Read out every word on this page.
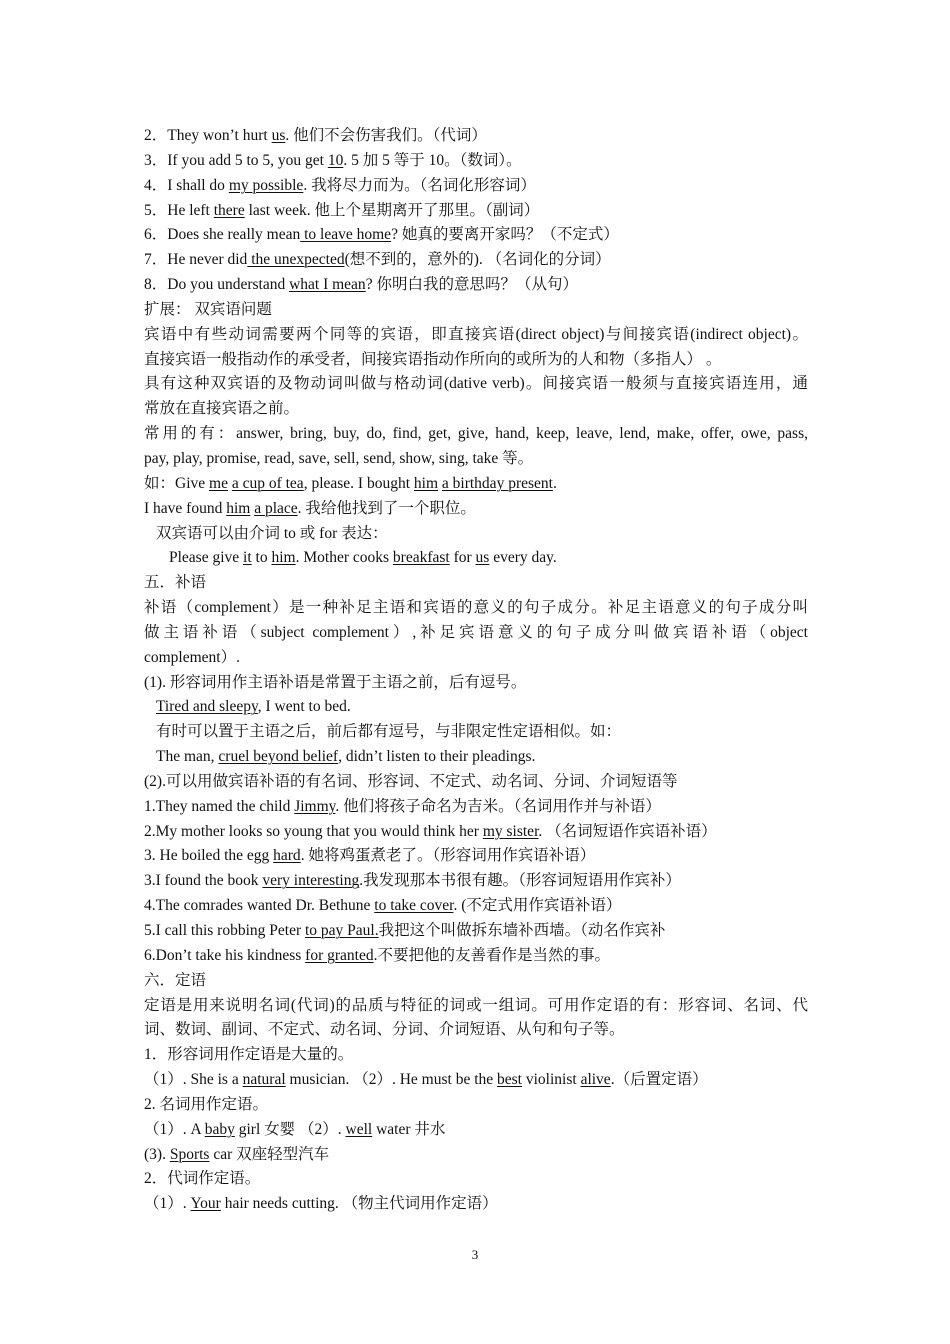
2．They won’t hurt us. 他们不会伤害我们。（代词）
3．If you add 5 to 5, you get 10. 5 加 5 等于 10。（数词）。
4．I shall do my possible. 我将尽力而为。（名词化形容词）
5．He left there last week. 他上个星期离开了那里。（副词）
6．Does she really mean to leave home? 她真的要离开家吗？（不定式）
7．He never did the unexpected(想不到的，意外的). （名词化的分词）
8．Do you understand what I mean? 你明白我的意思吗？（从句）
扩展： 双宾语问题
宾语中有些动词需要两个同等的宾语，即直接宾语(direct object)与间接宾语(indirect object)。
直接宾语一般指动作的承受者，间接宾语指动作所向的或所为的人和物（多指人） 。
具有这种双宾语的及物动词叫做与格动词(dative verb)。间接宾语一般须与直接宾语连用，通
常放在直接宾语之前。
常用的有：answer, bring, buy, do, find, get, give, hand, keep, leave, lend, make, offer, owe, pass,
pay, play, promise, read, save, sell, send, show, sing, take 等。
如：Give me a cup of tea, please. I bought him a birthday present.
I have found him a place. 我给他找到了一个职位。
双宾语可以由介词 to 或 for 表达：
Please give it to him. Mother cooks breakfast for us every day.
五．补语
补语（complement）是一种补足主语和宾语的意义的句子成分。补足主语意义的句子成分叫
做主语补语（subject complement）,补足宾语意义的句子成分叫做宾语补语（object
complement）.
(1). 形容词用作主语补语是常置于主语之前，后有逗号。
Tired and sleepy, I went to bed.
有时可以置于主语之后，前后都有逗号，与非限定性定语相似。如：
The man, cruel beyond belief, didn’t listen to their pleadings.
(2).可以用做宾语补语的有名词、形容词、不定式、动名词、分词、介词短语等
1.They named the child Jimmy. 他们将孩子命名为吉米。（名词用作并与补语）
2.My mother looks so young that you would think her my sister. （名词短语作宾语补语）
3. He boiled the egg hard. 她将鸡蛋煮老了。（形容词用作宾语补语）
3.I found the book very interesting.我发现那本书很有趣。（形容词短语用作宾补）
4.The comrades wanted Dr. Bethune to take cover. (不定式用作宾语补语）
5.I call this robbing Peter to pay Paul.我把这个叫做拆东墙补西墙。（动名作宾补
6.Don’t take his kindness for granted.不要把他的友善看作是当然的事。
六．定语
定语是用来说明名词(代词)的品质与特征的词或一组词。可用作定语的有：形容词、名词、代
词、数词、副词、不定式、动名词、分词、介词短语、从句和句子等。
1．形容词用作定语是大量的。
（1）. She is a natural musician. （2）. He must be the best violinist alive.（后置定语）
2. 名词用作定语。
（1）. A baby girl 女婴 （2）. well water 井水
(3). Sports car 双座轻型汽车
2．代词作定语。
（1）. Your hair needs cutting. （物主代词用作定语）
3
